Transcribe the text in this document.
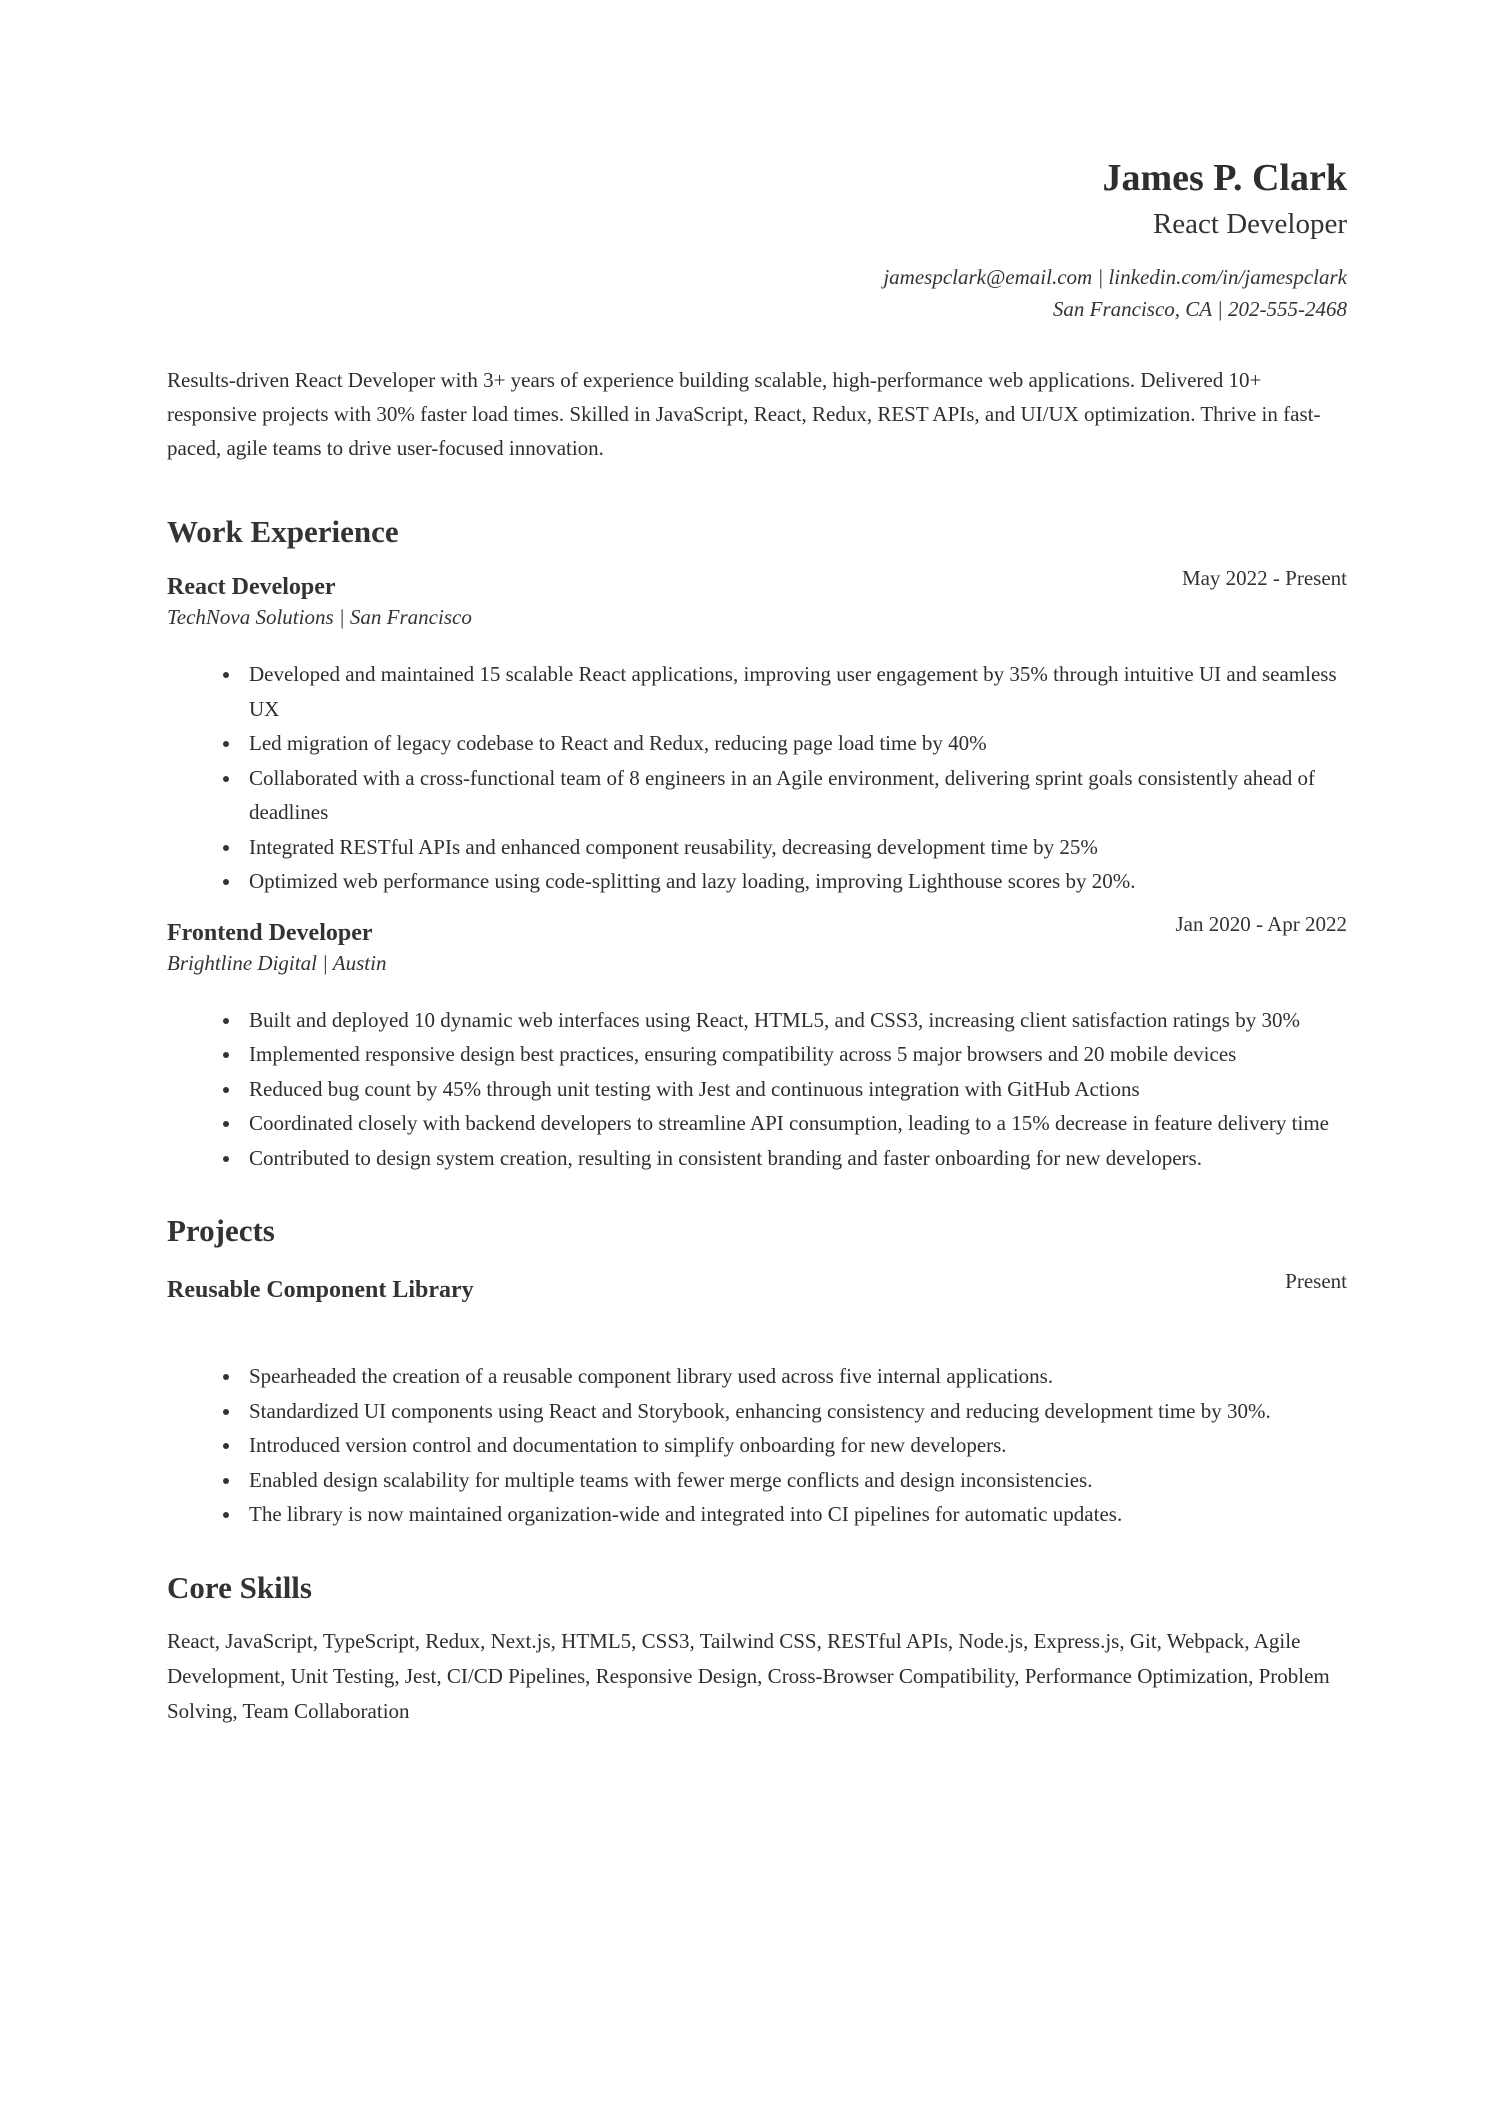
James P. Clark
React Developer
jamespclark@email.com | linkedin.com/in/jamespclark
San Francisco, CA | 202-555-2468
Results-driven React Developer with 3+ years of experience building scalable, high-performance web applications. Delivered 10+ responsive projects with 30% faster load times. Skilled in JavaScript, React, Redux, REST APIs, and UI/UX optimization. Thrive in fast-paced, agile teams to drive user-focused innovation.
Work Experience
React Developer	May 2022 - Present
TechNova Solutions | San Francisco
Developed and maintained 15 scalable React applications, improving user engagement by 35% through intuitive UI and seamless UX
Led migration of legacy codebase to React and Redux, reducing page load time by 40%
Collaborated with a cross-functional team of 8 engineers in an Agile environment, delivering sprint goals consistently ahead of deadlines
Integrated RESTful APIs and enhanced component reusability, decreasing development time by 25%
Optimized web performance using code-splitting and lazy loading, improving Lighthouse scores by 20%.
Frontend Developer	Jan 2020 - Apr 2022
Brightline Digital | Austin
Built and deployed 10 dynamic web interfaces using React, HTML5, and CSS3, increasing client satisfaction ratings by 30%
Implemented responsive design best practices, ensuring compatibility across 5 major browsers and 20 mobile devices
Reduced bug count by 45% through unit testing with Jest and continuous integration with GitHub Actions
Coordinated closely with backend developers to streamline API consumption, leading to a 15% decrease in feature delivery time
Contributed to design system creation, resulting in consistent branding and faster onboarding for new developers.
Projects
Reusable Component Library	Present
Spearheaded the creation of a reusable component library used across five internal applications.
Standardized UI components using React and Storybook, enhancing consistency and reducing development time by 30%.
Introduced version control and documentation to simplify onboarding for new developers.
Enabled design scalability for multiple teams with fewer merge conflicts and design inconsistencies.
The library is now maintained organization-wide and integrated into CI pipelines for automatic updates.
Core Skills
React, JavaScript, TypeScript, Redux, Next.js, HTML5, CSS3, Tailwind CSS, RESTful APIs, Node.js, Express.js, Git, Webpack, Agile Development, Unit Testing, Jest, CI/CD Pipelines, Responsive Design, Cross-Browser Compatibility, Performance Optimization, Problem Solving, Team Collaboration
